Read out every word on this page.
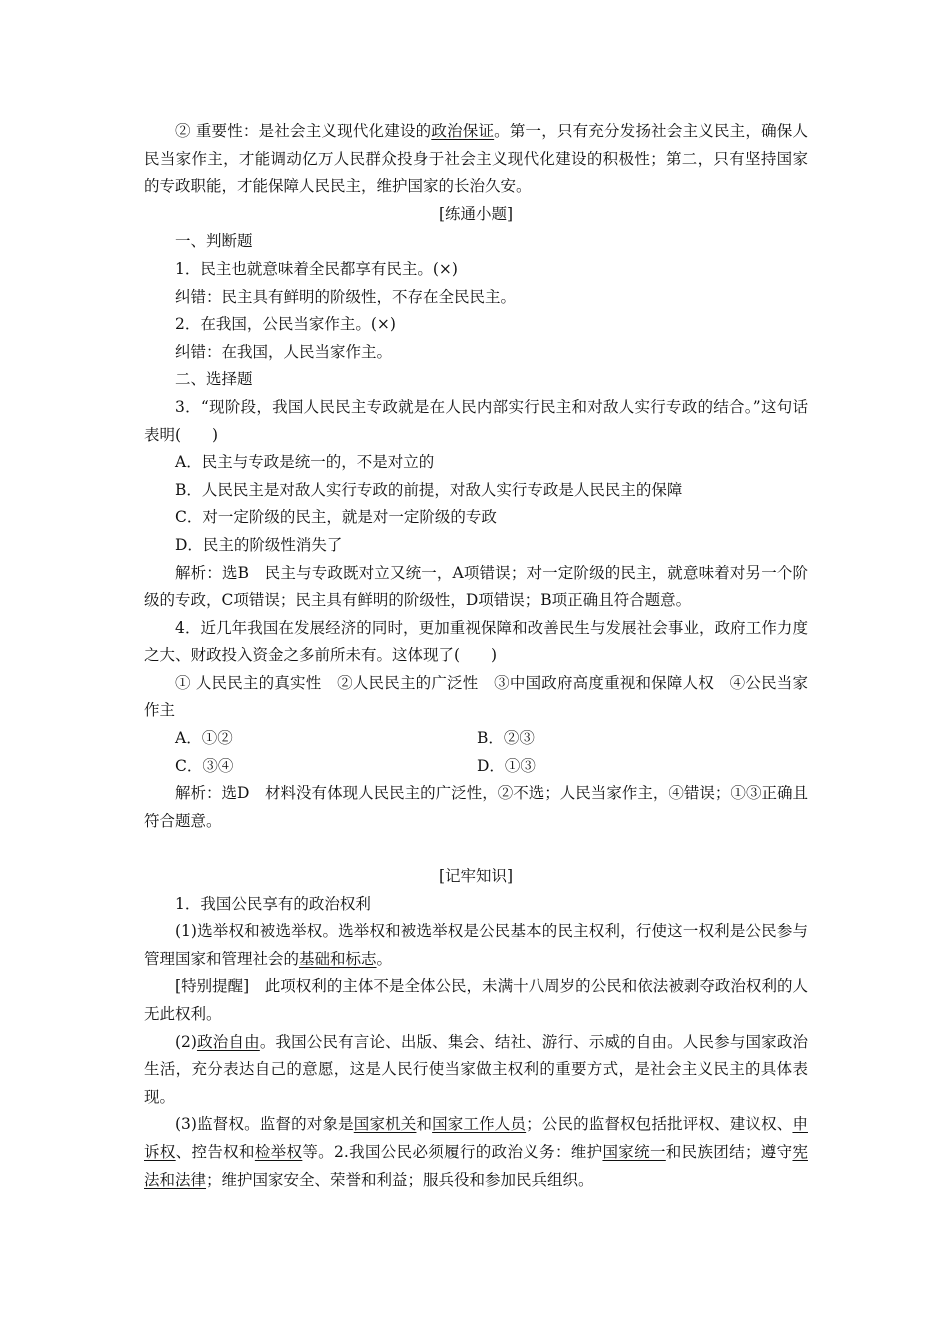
② 重要性：是社会主义现代化建设的政治保证。第一，只有充分发扬社会主义民主，确保人民当家作主，才能调动亿万人民群众投身于社会主义现代化建设的积极性；第二，只有坚持国家的专政职能，才能保障人民民主，维护国家的长治久安。

[练通小题]

一、判断题

1．民主也就意味着全民都享有民主。(×)

纠错：民主具有鲜明的阶级性，不存在全民民主。

2．在我国，公民当家作主。(×)

纠错：在我国，人民当家作主。

二、选择题

3．“现阶段，我国人民民主专政就是在人民内部实行民主和对敌人实行专政的结合。”这句话表明(　　)

A．民主与专政是统一的，不是对立的

B．人民民主是对敌人实行专政的前提，对敌人实行专政是人民民主的保障

C．对一定阶级的民主，就是对一定阶级的专政

D．民主的阶级性消失了

解析：选B　民主与专政既对立又统一，A项错误；对一定阶级的民主，就意味着对另一个阶级的专政，C项错误；民主具有鲜明的阶级性，D项错误；B项正确且符合题意。

4．近几年我国在发展经济的同时，更加重视保障和改善民生与发展社会事业，政府工作力度之大、财政投入资金之多前所未有。这体现了(　　)

① 人民民主的真实性　②人民民主的广泛性　③中国政府高度重视和保障人权　④公民当家作主

A．①②	B．②③
C．③④	D．①③

解析：选D　材料没有体现人民民主的广泛性，②不选；人民当家作主，④错误；①③正确且符合题意。

[记牢知识]

1．我国公民享有的政治权利

(1)选举权和被选举权。选举权和被选举权是公民基本的民主权利，行使这一权利是公民参与管理国家和管理社会的基础和标志。

[特别提醒]　此项权利的主体不是全体公民，未满十八周岁的公民和依法被剥夺政治权利的人无此权利。

(2)政治自由。我国公民有言论、出版、集会、结社、游行、示威的自由。人民参与国家政治生活，充分表达自己的意愿，这是人民行使当家做主权利的重要方式，是社会主义民主的具体表现。

(3)监督权。监督的对象是国家机关和国家工作人员；公民的监督权包括批评权、建议权、申诉权、控告权和检举权等。2.我国公民必须履行的政治义务：维护国家统一和民族团结；遵守宪法和法律；维护国家安全、荣誉和利益；服兵役和参加民兵组织。
